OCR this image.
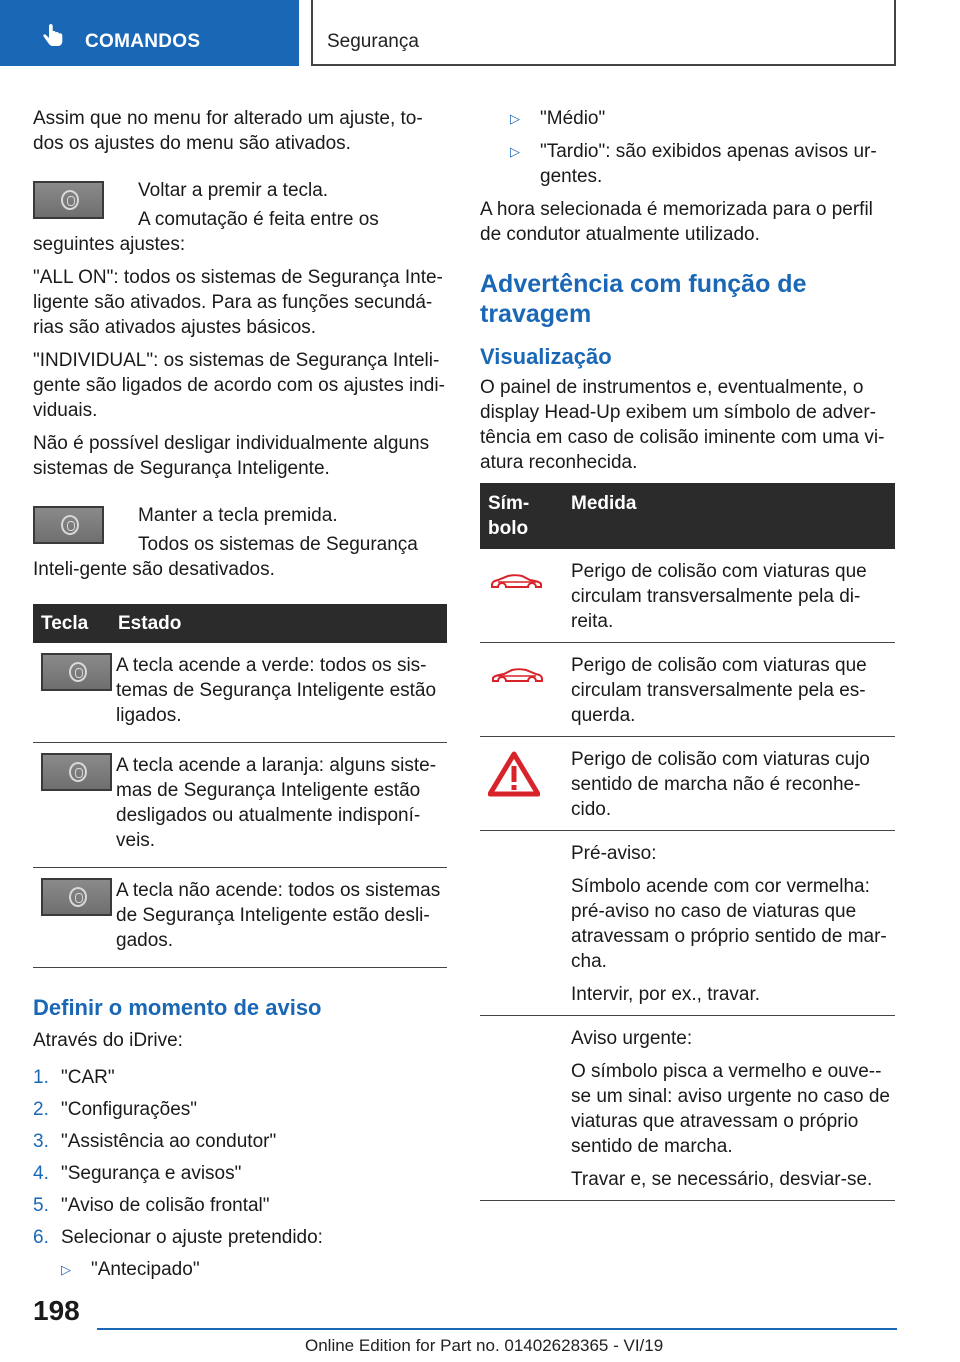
COMANDOS	Segurança

Assim que no menu for alterado um ajuste, to-dos os ajustes do menu são ativados.

Voltar a premir a tecla.

A comutação é feita entre os seguintes ajustes:

"ALL ON": todos os sistemas de Segurança Inte-ligente são ativados. Para as funções secundá-rias são ativados ajustes básicos.

"INDIVIDUAL": os sistemas de Segurança Inteli-gente são ligados de acordo com os ajustes indi-viduais.

Não é possível desligar individualmente alguns sistemas de Segurança Inteligente.

Manter a tecla premida.

Todos os sistemas de Segurança Inteli-gente são desativados.

Tecla	Estado

	A tecla acende a verde: todos os sis-temas de Segurança Inteligente estão ligados.

	A tecla acende a laranja: alguns siste-mas de Segurança Inteligente estão desligados ou atualmente indisponí-veis.

	A tecla não acende: todos os sistemas de Segurança Inteligente estão desli-gados.
Definir o momento de aviso

Através do iDrive:

1. "CAR"
2. "Configurações"
3. "Assistência ao condutor"
4. "Segurança e avisos"
5. "Aviso de colisão frontal"
6. Selecionar o ajuste pretendido:
▷ "Antecipado"
▷ "Médio"
▷ "Tardio": são exibidos apenas avisos ur-gentes.

A hora selecionada é memorizada para o perfil de condutor atualmente utilizado.

Advertência com função de travagem
Visualização

O painel de instrumentos e, eventualmente, o display Head-Up exibem um símbolo de adver-tência em caso de colisão iminente com uma vi-atura reconhecida.

Sím-bolo	Medida

Perigo de colisão com viaturas que circulam transversalmente pela di-reita.

Perigo de colisão com viaturas que circulam transversalmente pela es-querda.

Perigo de colisão com viaturas cujo sentido de marcha não é reconhe-cido.

	Pré-aviso:

Símbolo acende com cor vermelha: pré-aviso no caso de viaturas que atravessam o próprio sentido de mar-cha.

Intervir, por ex., travar.

	Aviso urgente:

O símbolo pisca a vermelho e ouve--se um sinal: aviso urgente no caso de viaturas que atravessam o próprio sentido de marcha.

Travar e, se necessário, desviar-se.

198
Online Edition for Part no. 01402628365 - VI/19
